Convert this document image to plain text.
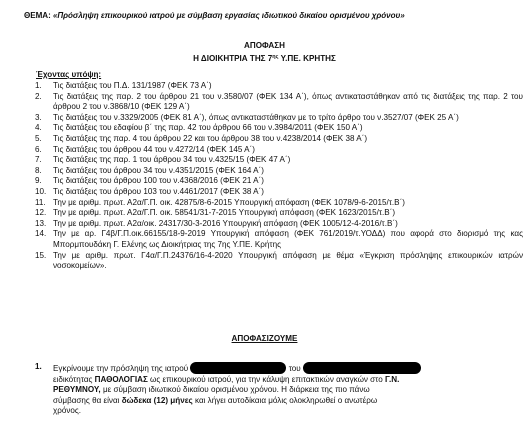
ΘΕΜΑ: «Πρόσληψη επικουρικού ιατρού με σύμβαση εργασίας ιδιωτικού δικαίου ορισμένου χρόνου»
ΑΠΟΦΑΣΗ
Η ΔΙΟΙΚΗΤΡΙΑ ΤΗΣ $7^{\eta\varsigma}$ Υ.ΠΕ. ΚΡΗΤΗΣ
Έχοντας υπόψη:
1.	Τις διατάξεις του Π.Δ. 131/1987 (ΦΕΚ 73 Α΄)
2.	Τις διατάξεις της παρ. 2 του άρθρου 21 του ν.3580/07 (ΦΕΚ 134 Α΄), όπως αντικαταστάθηκαν από τις διατάξεις της παρ. 2 του άρθρου 2 του ν.3868/10 (ΦΕΚ 129 Α΄)
3.	Τις διατάξεις του ν.3329/2005 (ΦΕΚ 81 Α΄), όπως αντικαταστάθηκαν με το τρίτο άρθρο του ν.3527/07 (ΦΕΚ 25 Α΄)
4.	Τις διατάξεις του εδαφίου β΄ της παρ. 42 του άρθρου 66 του ν.3984/2011 (ΦΕΚ 150 Α΄)
5.	Τις διατάξεις της παρ. 4 του άρθρου 22 και του άρθρου 38 του ν.4238/2014 (ΦΕΚ 38 Α΄)
6.	Τις διατάξεις του άρθρου 44 του ν.4272/14 (ΦΕΚ 145 Α΄)
7.	Τις διατάξεις της παρ. 1 του άρθρου 34 του ν.4325/15 (ΦΕΚ 47 Α΄)
8.	Τις διατάξεις του άρθρου 34 του ν.4351/2015 (ΦΕΚ 164 Α΄)
9.	Τις διατάξεις του άρθρου 100 του ν.4368/2016 (ΦΕΚ 21 Α΄)
10. Τις διατάξεις του άρθρου 103 του ν.4461/2017 (ΦΕΚ 38 Α΄)
11. Την με αριθμ. πρωτ. Α2α/Γ.Π. οικ. 42875/8-6-2015 Υπουργική απόφαση (ΦΕΚ 1078/9-6-2015/τ.Β΄)
12. Την με αριθμ. πρωτ. Α2α/Γ.Π. οικ. 58541/31-7-2015 Υπουργική απόφαση (ΦΕΚ 1623/2015/τ.Β΄)
13. Την με αριθμ. πρωτ. Α2α/οικ. 24317/30-3-2016 Υπουργική απόφαση (ΦΕΚ 1005/12-4-2016/τ.Β΄)
14. Την με αρ. Γ4β/Γ.Π.οικ.66155/18-9-2019 Υπουργική απόφαση (ΦΕΚ 761/2019/τ.ΥΟΔΔ) που αφορά στο διορισμό της κας Μπορμπουδάκη Γ. Ελένης ως Διοικήτριας της 7ης Υ.ΠΕ. Κρήτης
15. Την με αριθμ. πρωτ. Γ4α/Γ.Π.24376/16-4-2020 Υπουργική απόφαση με θέμα «Έγκριση πρόσληψης επικουρικών ιατρών νοσοκομείων».
ΑΠΟΦΑΣΙΖΟΥΜΕ
1.	Εγκρίνουμε την πρόσληψη της ιατρού	του
ειδικότητας ΠΑΘΟΛΟΓΙΑΣ ως επικουρικού ιατρού, για την κάλυψη επιτακτικών αναγκών στο Γ.Ν.
ΡΕΘΥΜΝΟΥ, με σύμβαση ιδιωτικού δικαίου ορισμένου χρόνου. Η διάρκεια της πιο πάνω
σύμβασης θα είναι δώδεκα (12) μήνες και λήγει αυτοδίκαια μόλις ολοκληρωθεί ο ανωτέρω
χρόνος.
